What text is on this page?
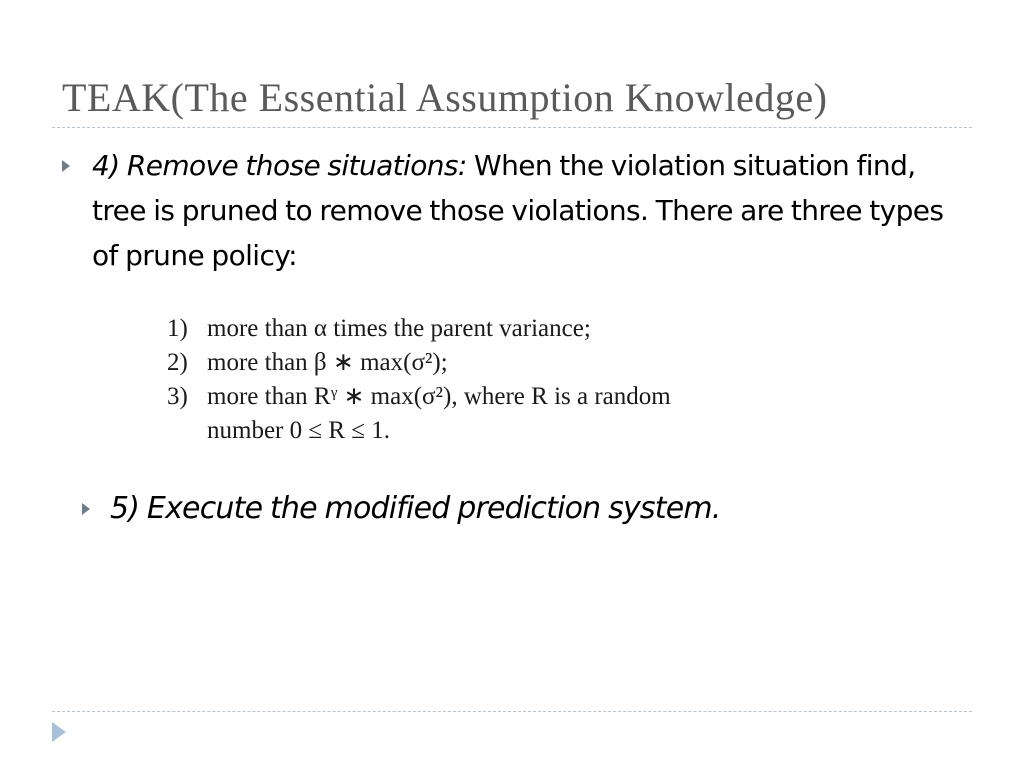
TEAK(The Essential Assumption Knowledge)
4) Remove those situations: When the violation situation find, tree is pruned to remove those violations. There are three types of prune policy:
1) more than α times the parent variance;
2) more than β ∗ max(σ²);
3) more than Rᵞ ∗ max(σ²), where R is a random
number 0 ≤ R ≤ 1.
5) Execute the modified prediction system.
